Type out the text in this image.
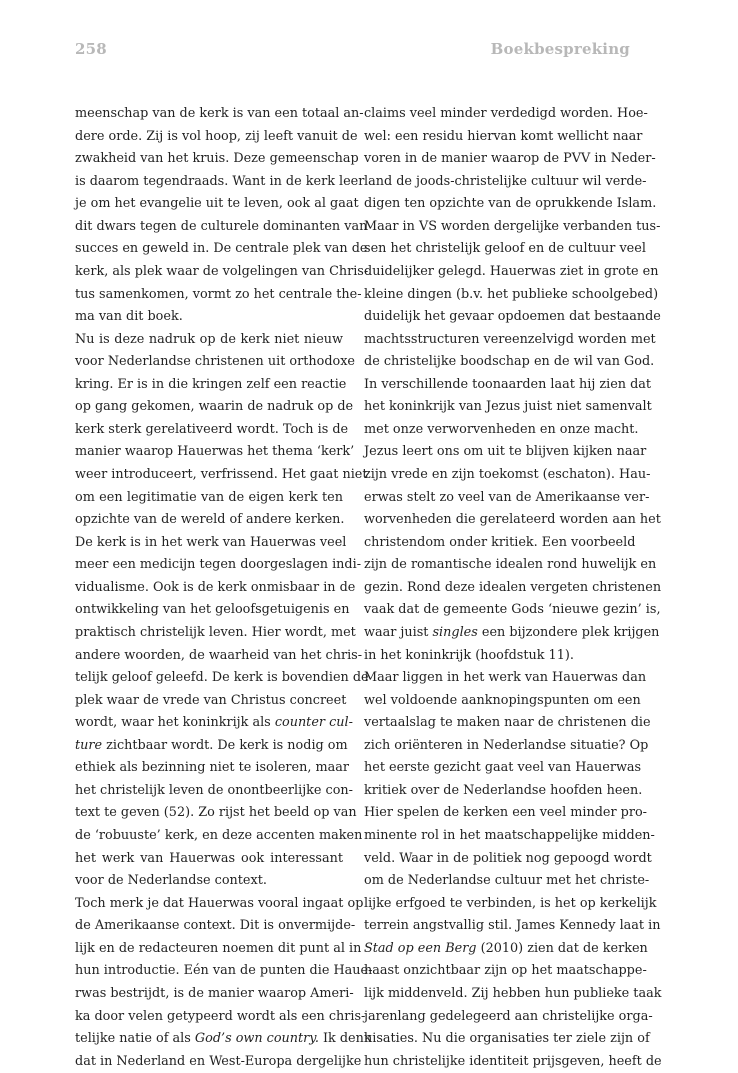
258	Boekbespreking
meenschap van de kerk is van een totaal an-
dere orde. Zij is vol hoop, zij leeft vanuit de
zwakheid van het kruis. Deze gemeenschap
is daarom tegendraads. Want in de kerk leer
je om het evangelie uit te leven, ook al gaat
dit dwars tegen de culturele dominanten van
succes en geweld in. De centrale plek van de
kerk, als plek waar de volgelingen van Chris-
tus samenkomen, vormt zo het centrale the-
ma van dit boek.
Nu is deze nadruk op de kerk niet nieuw
voor Nederlandse christenen uit orthodoxe
kring. Er is in die kringen zelf een reactie
op gang gekomen, waarin de nadruk op de
kerk sterk gerelativeerd wordt. Toch is de
manier waarop Hauerwas het thema ‘kerk’
weer introduceert, verfrissend. Het gaat niet
om een legitimatie van de eigen kerk ten
opzichte van de wereld of andere kerken.
De kerk is in het werk van Hauerwas veel
meer een medicijn tegen doorgeslagen indi-
vidualisme. Ook is de kerk onmisbaar in de
ontwikkeling van het geloofsgetuigenis en
praktisch christelijk leven. Hier wordt, met
andere woorden, de waarheid van het chris-
telijk geloof geleefd. De kerk is bovendien de
plek waar de vrede van Christus concreet
wordt, waar het koninkrijk als counter cul-
ture zichtbaar wordt. De kerk is nodig om
ethiek als bezinning niet te isoleren, maar
het christelijk leven de onontbeerlijke con-
text te geven (52). Zo rijst het beeld op van
de ‘robuuste’ kerk, en deze accenten maken
het werk van Hauerwas ook interessant
voor de Nederlandse context.
Toch merk je dat Hauerwas vooral ingaat op
de Amerikaanse context. Dit is onvermijde-
lijk en de redacteuren noemen dit punt al in
hun introductie. Eén van de punten die Haue-
rwas bestrijdt, is de manier waarop Ameri-
ka door velen getypeerd wordt als een chris-
telijke natie of als God’s own country. Ik denk
dat in Nederland en West-Europa dergelijke
claims veel minder verdedigd worden. Hoe-
wel: een residu hiervan komt wellicht naar
voren in de manier waarop de PVV in Neder-
land de joods-christelijke cultuur wil verde-
digen ten opzichte van de oprukkende Islam.
Maar in VS worden dergelijke verbanden tus-
sen het christelijk geloof en de cultuur veel
duidelijker gelegd. Hauerwas ziet in grote en
kleine dingen (b.v. het publieke schoolgebed)
duidelijk het gevaar opdoemen dat bestaande
machtsstructuren vereenzelvigd worden met
de christelijke boodschap en de wil van God.
In verschillende toonaarden laat hij zien dat
het koninkrijk van Jezus juist niet samenvalt
met onze verworvenheden en onze macht.
Jezus leert ons om uit te blijven kijken naar
zijn vrede en zijn toekomst (eschaton). Hau-
erwas stelt zo veel van de Amerikaanse ver-
worvenheden die gerelateerd worden aan het
christendom onder kritiek. Een voorbeeld
zijn de romantische idealen rond huwelijk en
gezin. Rond deze idealen vergeten christenen
vaak dat de gemeente Gods ‘nieuwe gezin’ is,
waar juist singles een bijzondere plek krijgen
in het koninkrijk (hoofdstuk 11).
Maar liggen in het werk van Hauerwas dan
wel voldoende aanknopingspunten om een
vertaalslag te maken naar de christenen die
zich oriënteren in Nederlandse situatie? Op
het eerste gezicht gaat veel van Hauerwas
kritiek over de Nederlandse hoofden heen.
Hier spelen de kerken een veel minder pro-
minente rol in het maatschappelijke midden-
veld. Waar in de politiek nog gepoogd wordt
om de Nederlandse cultuur met het christe-
lijke erfgoed te verbinden, is het op kerkelijk
terrein angstvallig stil. James Kennedy laat in
Stad op een Berg (2010) zien dat de kerken
haast onzichtbaar zijn op het maatschappe-
lijk middenveld. Zij hebben hun publieke taak
jarenlang gedelegeerd aan christelijke orga-
nisaties. Nu die organisaties ter ziele zijn of
hun christelijke identiteit prijsgeven, heeft de
